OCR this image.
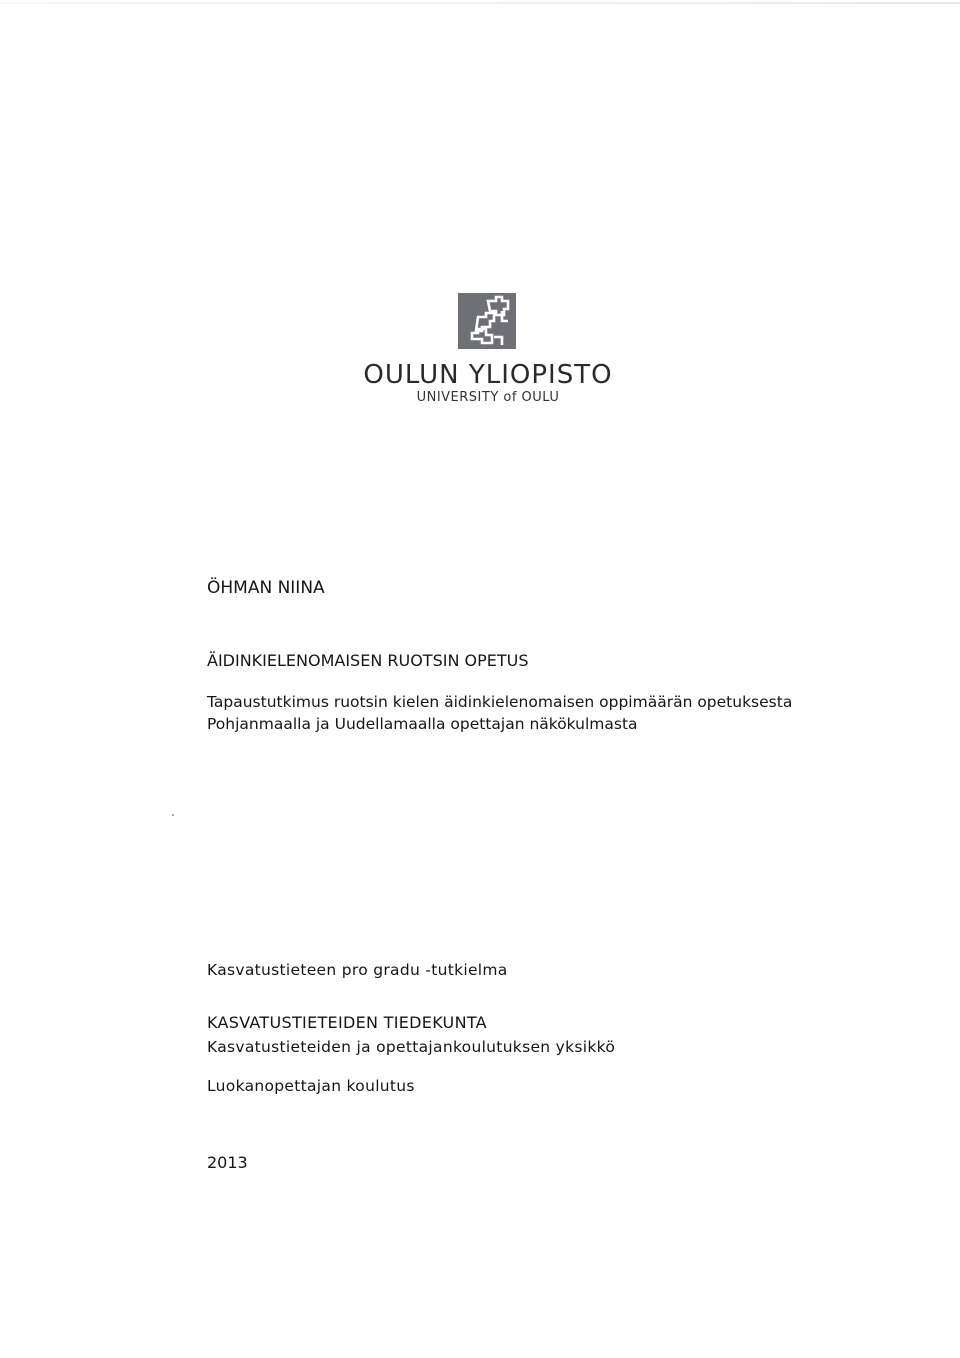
OULUN YLIOPISTO
UNIVERSITY of OULU
ÖHMAN NIINA
ÄIDINKIELENOMAISEN RUOTSIN OPETUS
Tapaustutkimus ruotsin kielen äidinkielenomaisen oppimäärän opetuksesta
Pohjanmaalla ja Uudellamaalla opettajan näkökulmasta
Kasvatustieteen pro gradu -tutkielma
KASVATUSTIETEIDEN TIEDEKUNTA
Kasvatustieteiden ja opettajankoulutuksen yksikkö
Luokanopettajan koulutus
2013
